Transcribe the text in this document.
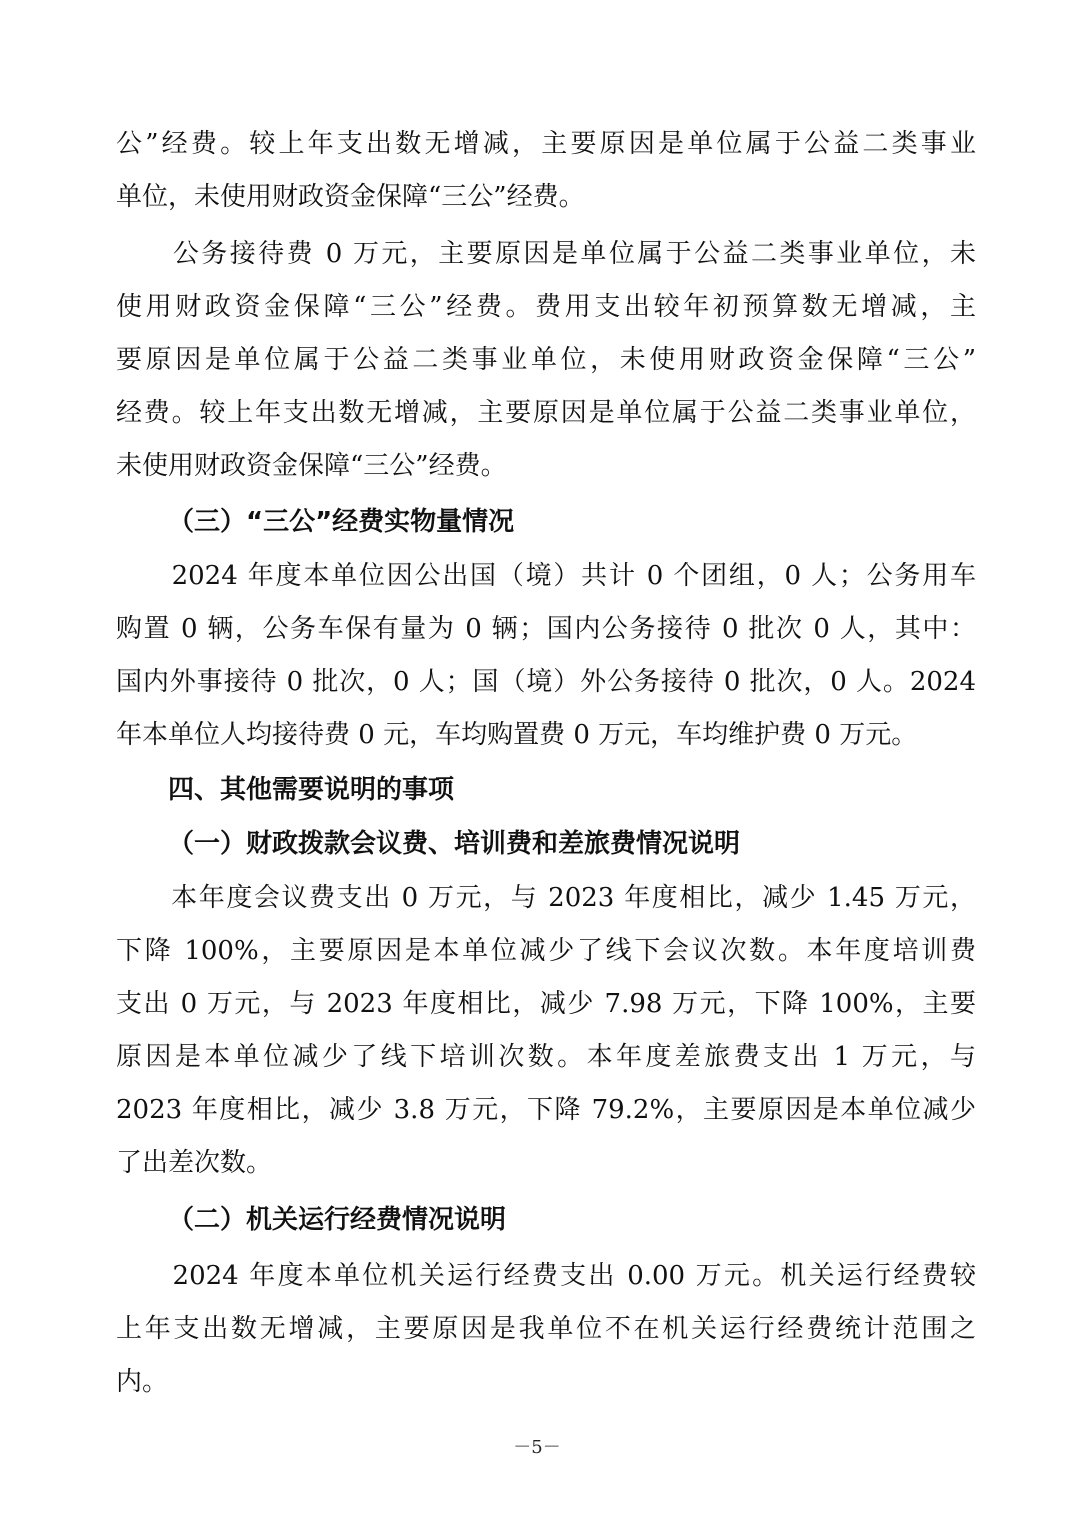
公”经费。较上年支出数无增减，主要原因是单位属于公益二类事业
单位，未使用财政资金保障“三公”经费。
　　公务接待费 0 万元，主要原因是单位属于公益二类事业单位，未
使用财政资金保障“三公”经费。费用支出较年初预算数无增减，主
要原因是单位属于公益二类事业单位，未使用财政资金保障“三公”
经费。较上年支出数无增减，主要原因是单位属于公益二类事业单位，
未使用财政资金保障“三公”经费。
（三）“三公”经费实物量情况
　　2024 年度本单位因公出国（境）共计 0 个团组，0 人；公务用车
购置 0 辆，公务车保有量为 0 辆；国内公务接待 0 批次 0 人，其中：
国内外事接待 0 批次，0 人；国（境）外公务接待 0 批次，0 人。2024
年本单位人均接待费 0 元，车均购置费 0 万元，车均维护费 0 万元。
四、其他需要说明的事项
（一）财政拨款会议费、培训费和差旅费情况说明
　　本年度会议费支出 0 万元，与 2023 年度相比，减少 1.45 万元，
下降 100%，主要原因是本单位减少了线下会议次数。本年度培训费
支出 0 万元，与 2023 年度相比，减少 7.98 万元，下降 100%，主要
原因是本单位减少了线下培训次数。本年度差旅费支出 1 万元，与
2023 年度相比，减少 3.8 万元，下降 79.2%，主要原因是本单位减少
了出差次数。
（二）机关运行经费情况说明
　　2024 年度本单位机关运行经费支出 0.00 万元。机关运行经费较
上年支出数无增减，主要原因是我单位不在机关运行经费统计范围之
内。
－5－
